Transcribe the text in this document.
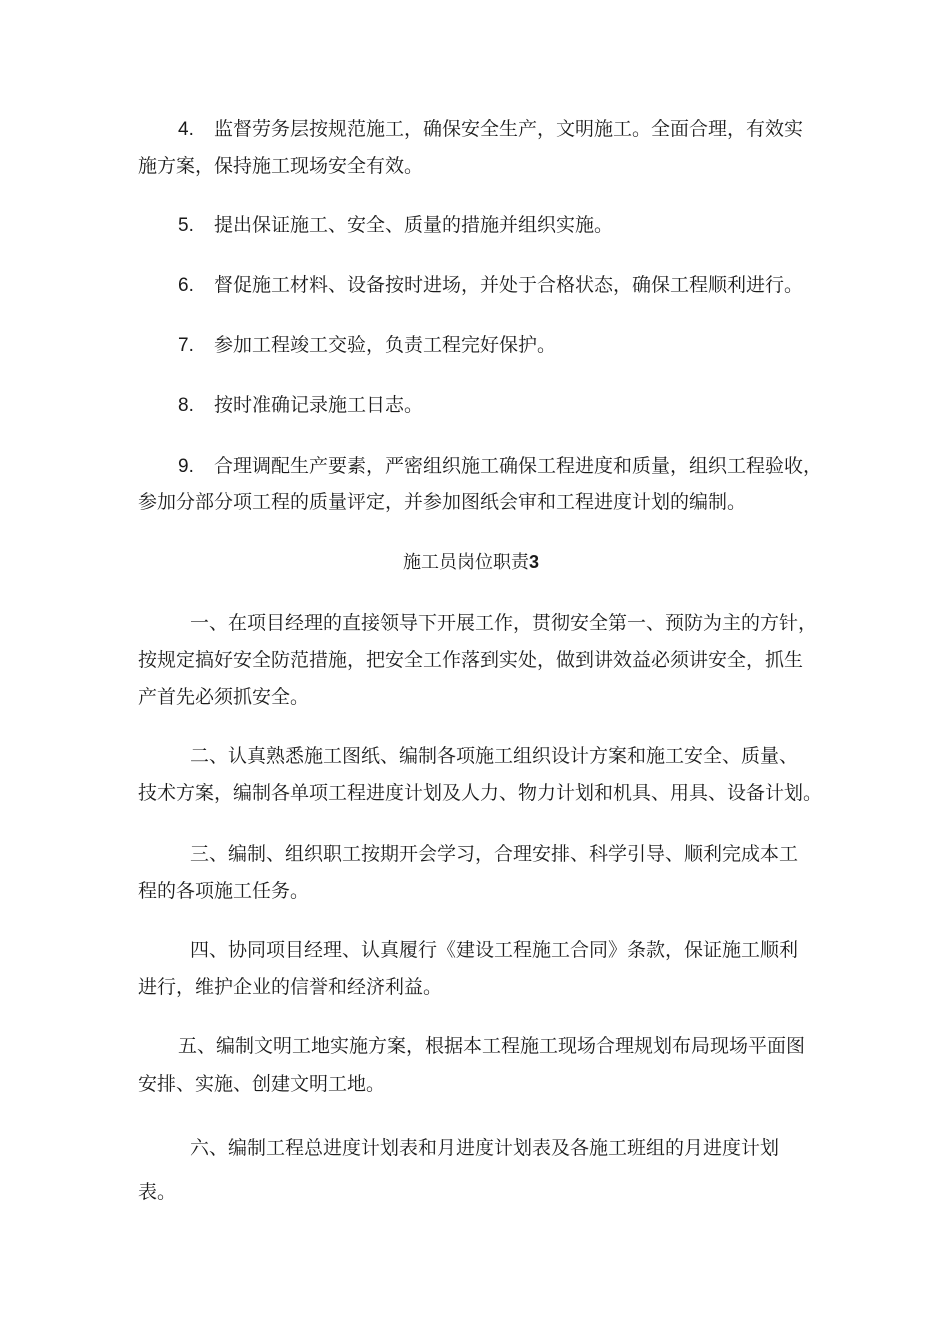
4. 监督劳务层按规范施工，确保安全生产，文明施工。全面合理，有效实
施方案，保持施工现场安全有效。
5. 提出保证施工、安全、质量的措施并组织实施。
6. 督促施工材料、设备按时进场，并处于合格状态，确保工程顺利进行。
7. 参加工程竣工交验，负责工程完好保护。
8. 按时准确记录施工日志。
9. 合理调配生产要素，严密组织施工确保工程进度和质量，组织工程验收，
参加分部分项工程的质量评定，并参加图纸会审和工程进度计划的编制。
施工员岗位职责3
一、在项目经理的直接领导下开展工作，贯彻安全第一、预防为主的方针，
按规定搞好安全防范措施，把安全工作落到实处，做到讲效益必须讲安全，抓生
产首先必须抓安全。
二、认真熟悉施工图纸、编制各项施工组织设计方案和施工安全、质量、
技术方案，编制各单项工程进度计划及人力、物力计划和机具、用具、设备计划。
三、编制、组织职工按期开会学习，合理安排、科学引导、顺利完成本工
程的各项施工任务。
四、协同项目经理、认真履行《建设工程施工合同》条款，保证施工顺利
进行，维护企业的信誉和经济利益。
五、编制文明工地实施方案，根据本工程施工现场合理规划布局现场平面图
安排、实施、创建文明工地。
六、编制工程总进度计划表和月进度计划表及各施工班组的月进度计划
表。
